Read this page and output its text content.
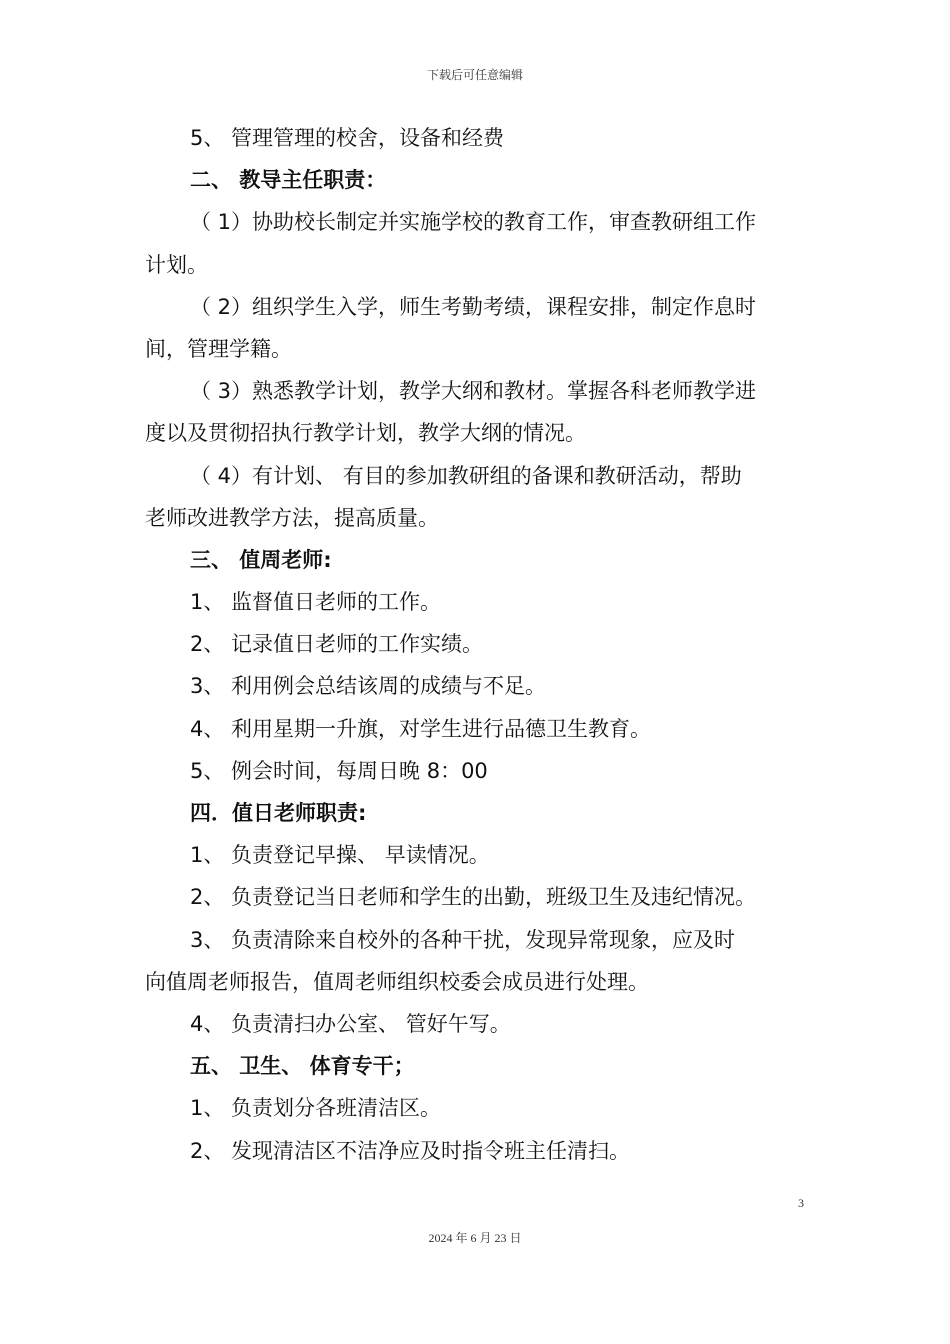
下载后可任意编辑
5、 管理管理的校舍，设备和经费
二、 教导主任职责：
（ 1）协助校长制定并实施学校的教育工作，审查教研组工作
计划。
（ 2）组织学生入学，师生考勤考绩，课程安排，制定作息时
间，管理学籍。
（ 3）熟悉教学计划，教学大纲和教材。掌握各科老师教学进
度以及贯彻招执行教学计划，教学大纲的情况。
（ 4）有计划、 有目的参加教研组的备课和教研活动，帮助
老师改进教学方法，提高质量。
三、 值周老师:
1、 监督值日老师的工作。
2、 记录值日老师的工作实绩。
3、 利用例会总结该周的成绩与不足。
4、 利用星期一升旗，对学生进行品德卫生教育。
5、 例会时间，每周日晚 8：00
四．值日老师职责:
1、 负责登记早操、 早读情况。
2、 负责登记当日老师和学生的出勤，班级卫生及违纪情况。
3、 负责清除来自校外的各种干扰，发现异常现象，应及时
向值周老师报告，值周老师组织校委会成员进行处理。
4、 负责清扫办公室、 管好午写。
五、 卫生、 体育专干；
1、 负责划分各班清洁区。
2、 发现清洁区不洁净应及时指令班主任清扫。
3
2024 年 6 月 23 日
